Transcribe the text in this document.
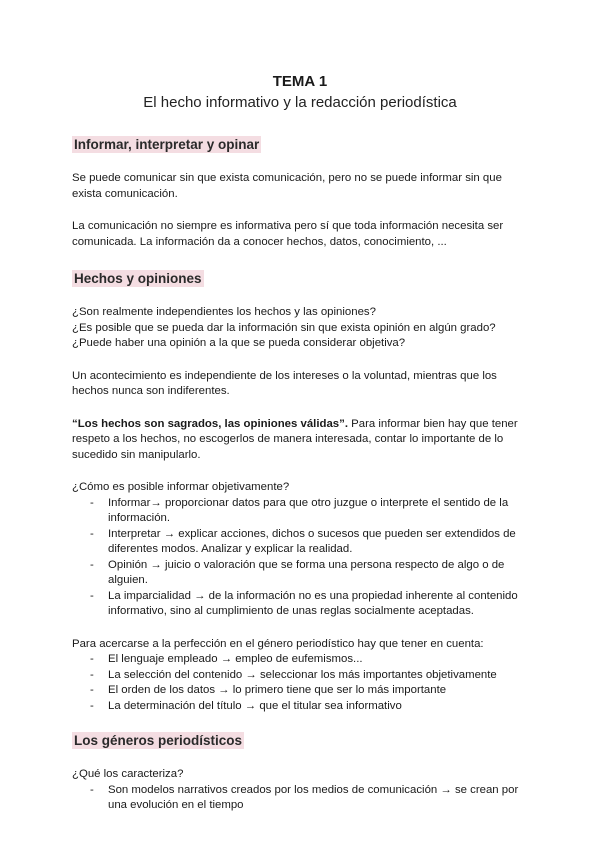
TEMA 1
El hecho informativo y la redacción periodística
Informar, interpretar y opinar

Se puede comunicar sin que exista comunicación, pero no se puede informar sin que exista comunicación.

La comunicación no siempre es informativa pero sí que toda información necesita ser comunicada. La información da a conocer hechos, datos, conocimiento, ...

Hechos y opiniones

¿Son realmente independientes los hechos y las opiniones?

¿Es posible que se pueda dar la información sin que exista opinión en algún grado?

¿Puede haber una opinión a la que se pueda considerar objetiva?

Un acontecimiento es independiente de los intereses o la voluntad, mientras que los hechos nunca son indiferentes.

“Los hechos son sagrados, las opiniones válidas”. Para informar bien hay que tener respeto a los hechos, no escogerlos de manera interesada, contar lo importante de lo sucedido sin manipularlo.

¿Cómo es posible informar objetivamente?

- Informar→ proporcionar datos para que otro juzgue o interprete el sentido de la información.
- Interpretar → explicar acciones, dichos o sucesos que pueden ser extendidos de diferentes modos. Analizar y explicar la realidad.
- Opinión → juicio o valoración que se forma una persona respecto de algo o de alguien.
- La imparcialidad → de la información no es una propiedad inherente al contenido informativo, sino al cumplimiento de unas reglas socialmente aceptadas.

Para acercarse a la perfección en el género periodístico hay que tener en cuenta:

- El lenguaje empleado → empleo de eufemismos...
- La selección del contenido → seleccionar los más importantes objetivamente
- El orden de los datos → lo primero tiene que ser lo más importante
- La determinación del título → que el titular sea informativo
Los géneros periodísticos

¿Qué los caracteriza?

- Son modelos narrativos creados por los medios de comunicación → se crean por una evolución en el tiempo
